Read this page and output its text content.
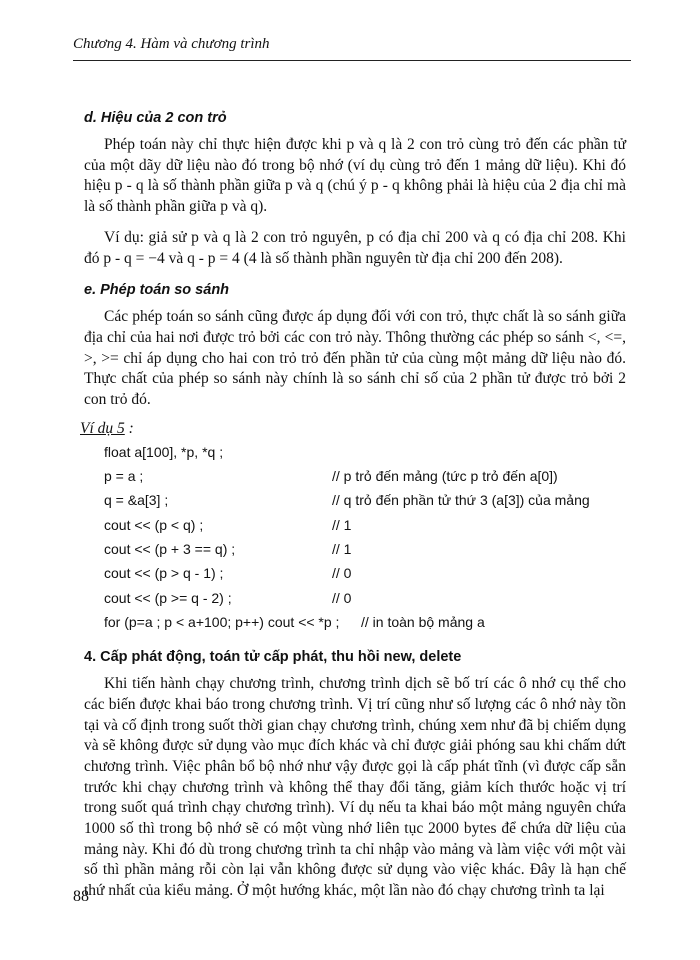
Chương 4. Hàm và chương trình
d. Hiệu của 2 con trỏ

Phép toán này chỉ thực hiện được khi p và q là 2 con trỏ cùng trỏ đến các phần tử của một dãy dữ liệu nào đó trong bộ nhớ (ví dụ cùng trỏ đến 1 mảng dữ liệu). Khi đó hiệu p - q là số thành phần giữa p và q (chú ý p - q không phải là hiệu của 2 địa chỉ mà là số thành phần giữa p và q).

Ví dụ: giả sử p và q là 2 con trỏ nguyên, p có địa chỉ 200 và q có địa chỉ 208. Khi đó p - q = −4 và q - p = 4 (4 là số thành phần nguyên từ địa chỉ 200 đến 208).

e. Phép toán so sánh

Các phép toán so sánh cũng được áp dụng đối với con trỏ, thực chất là so sánh giữa địa chỉ của hai nơi được trỏ bởi các con trỏ này. Thông thường các phép so sánh <, <=, >, >= chỉ áp dụng cho hai con trỏ trỏ đến phần tử của cùng một mảng dữ liệu nào đó. Thực chất của phép so sánh này chính là so sánh chỉ số của 2 phần tử được trỏ bởi 2 con trỏ đó.

Ví dụ 5 :

float a[100], *p, *q ;
p = a ;	// p trỏ đến mảng (tức p trỏ đến a[0])
q = &a[3] ;	// q trỏ đến phần tử thứ 3 (a[3]) của mảng
cout << (p < q) ;	// 1
cout << (p + 3 == q) ;	// 1
cout << (p > q - 1) ;	// 0
cout << (p >= q - 2) ;	// 0
for (p=a ; p < a+100; p++) cout << *p ; // in toàn bộ mảng a
4. Cấp phát động, toán tử cấp phát, thu hồi new, delete

Khi tiến hành chạy chương trình, chương trình dịch sẽ bố trí các ô nhớ cụ thể cho các biến được khai báo trong chương trình. Vị trí cũng như số lượng các ô nhớ này tồn tại và cố định trong suốt thời gian chạy chương trình, chúng xem như đã bị chiếm dụng và sẽ không được sử dụng vào mục đích khác và chỉ được giải phóng sau khi chấm dứt chương trình. Việc phân bổ bộ nhớ như vậy được gọi là cấp phát tĩnh (vì được cấp sẵn trước khi chạy chương trình và không thể thay đổi tăng, giảm kích thước hoặc vị trí trong suốt quá trình chạy chương trình). Ví dụ nếu ta khai báo một mảng nguyên chứa 1000 số thì trong bộ nhớ sẽ có một vùng nhớ liên tục 2000 bytes để chứa dữ liệu của mảng này. Khi đó dù trong chương trình ta chỉ nhập vào mảng và làm việc với một vài số thì phần mảng rỗi còn lại vẫn không được sử dụng vào việc khác. Đây là hạn chế thứ nhất của kiểu mảng. Ở một hướng khác, một lần nào đó chạy chương trình ta lại

88
